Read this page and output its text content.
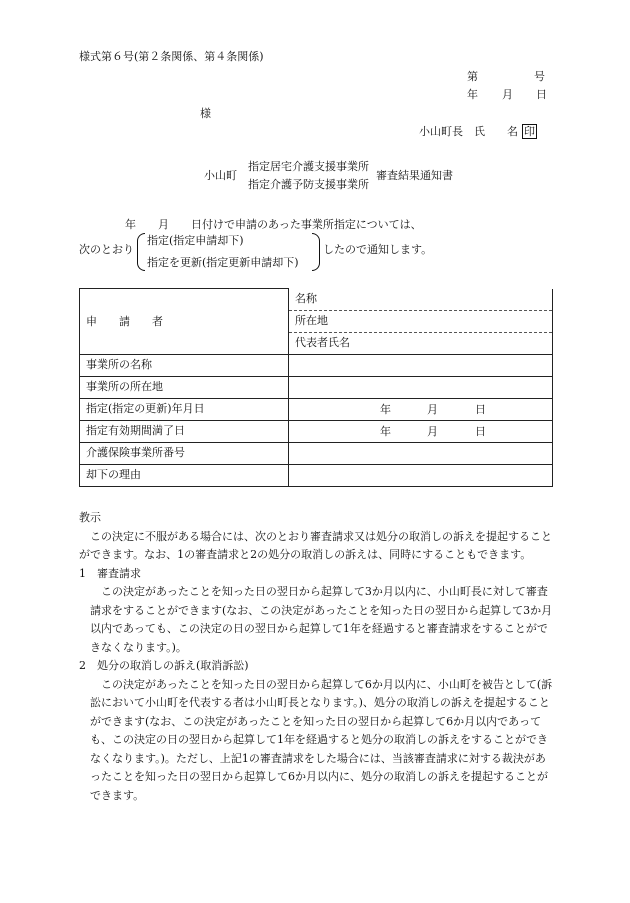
様式第６号(第２条関係、第４条関係)
第	号
年 月 日
様
小山町長　氏　　名 印
小山町
指定居宅介護支援事業所
指定介護予防支援事業所
審査結果通知書
年　　月　　日付けで申請のあった事業所指定については、
次のとおり
指定(指定申請却下)
指定を更新(指定更新申請却下)
したので通知します。
申　　請　　者	名称
	所在地
	代表者氏名
事業所の名称	
事業所の所在地	
指定(指定の更新)年月日	年 月 日

指定有効期間満了日	年 月 日

介護保険事業所番号	
却下の理由	
教示
この決定に不服がある場合には、次のとおり審査請求又は処分の取消しの訴えを提起することができます。なお、1の審査請求と2の処分の取消しの訴えは、同時にすることもできます。
1　審査請求
この決定があったことを知った日の翌日から起算して3か月以内に、小山町長に対して審査請求をすることができます(なお、この決定があったことを知った日の翌日から起算して3か月以内であっても、この決定の日の翌日から起算して1年を経過すると審査請求をすることができなくなります。)。
2　処分の取消しの訴え(取消訴訟)
この決定があったことを知った日の翌日から起算して6か月以内に、小山町を被告として(訴訟において小山町を代表する者は小山町長となります。)、処分の取消しの訴えを提起することができます(なお、この決定があったことを知った日の翌日から起算して6か月以内であっても、この決定の日の翌日から起算して1年を経過すると処分の取消しの訴えをすることができなくなります。)。ただし、上記1の審査請求をした場合には、当該審査請求に対する裁決があったことを知った日の翌日から起算して6か月以内に、処分の取消しの訴えを提起することができます。
